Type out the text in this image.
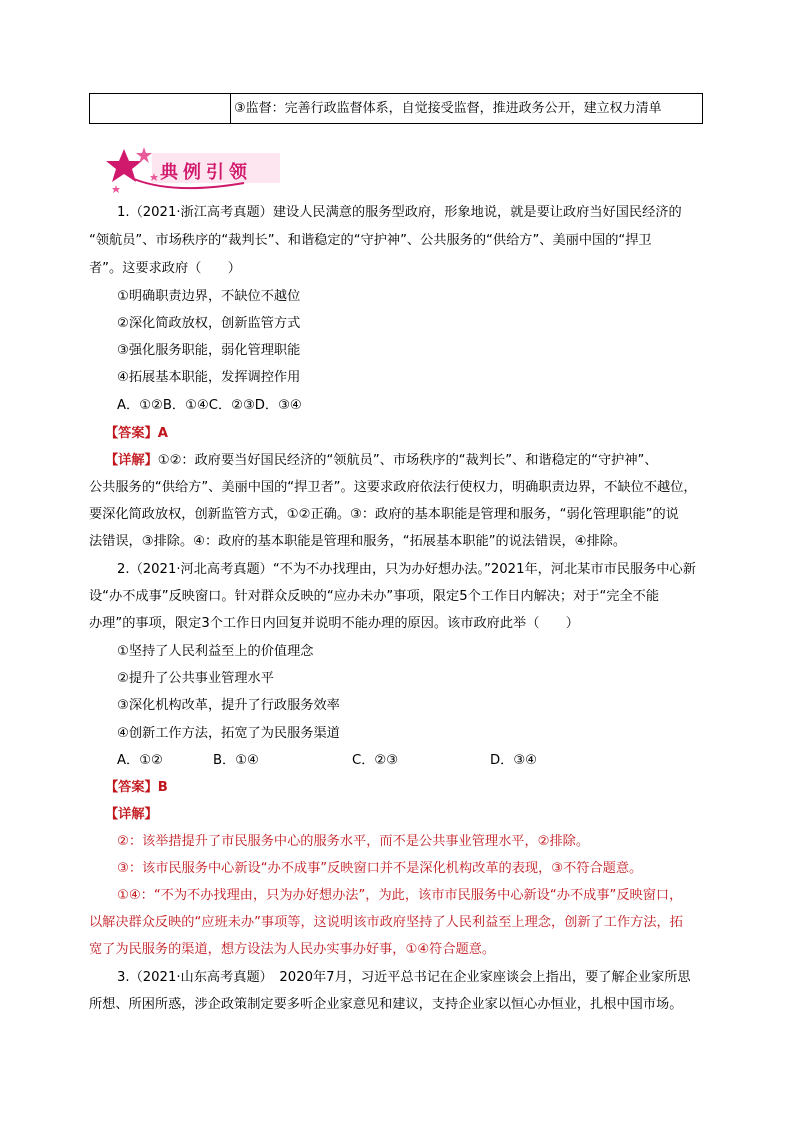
③监督：完善行政监督体系，自觉接受监督，推进政务公开，建立权力清单
典例引领
1.（2021·浙江高考真题）建设人民满意的服务型政府，形象地说，就是要让政府当好国民经济的
“领航员”、市场秩序的“裁判长”、和谐稳定的“守护神”、公共服务的“供给方”、美丽中国的“捍卫
者”。这要求政府（　　）
①明确职责边界，不缺位不越位
②深化简政放权，创新监管方式
③强化服务职能，弱化管理职能
④拓展基本职能，发挥调控作用
A．①②B．①④C．②③D．③④
【答案】A
【详解】①②：政府要当好国民经济的“领航员”、市场秩序的“裁判长”、和谐稳定的“守护神”、
公共服务的“供给方”、美丽中国的“捍卫者”。这要求政府依法行使权力，明确职责边界，不缺位不越位，
要深化简政放权，创新监管方式，①②正确。③：政府的基本职能是管理和服务，“弱化管理职能”的说
法错误，③排除。④：政府的基本职能是管理和服务，“拓展基本职能”的说法错误，④排除。
2.（2021·河北高考真题）“不为不办找理由，只为办好想办法。”2021年，河北某市市民服务中心新
设“办不成事”反映窗口。针对群众反映的“应办未办”事项，限定5个工作日内解决；对于“完全不能
办理”的事项，限定3个工作日内回复并说明不能办理的原因。该市政府此举（　　）
①坚持了人民利益至上的价值理念
②提升了公共事业管理水平
③深化机构改革，提升了行政服务效率
④创新工作方法，拓宽了为民服务渠道
A．①②	B．①④	C．②③	D．③④
【答案】B
【详解】
②：该举措提升了市民服务中心的服务水平，而不是公共事业管理水平，②排除。
③：该市民服务中心新设“办不成事”反映窗口并不是深化机构改革的表现，③不符合题意。
①④：“不为不办找理由，只为办好想办法”，为此，该市市民服务中心新设“办不成事”反映窗口，
以解决群众反映的“应班未办”事项等，这说明该市政府坚持了人民利益至上理念，创新了工作方法，拓
宽了为民服务的渠道，想方设法为人民办实事办好事，①④符合题意。
3.（2021·山东高考真题）　2020年7月，习近平总书记在企业家座谈会上指出，要了解企业家所思
所想、所困所惑，涉企政策制定要多听企业家意见和建议，支持企业家以恒心办恒业，扎根中国市场。
